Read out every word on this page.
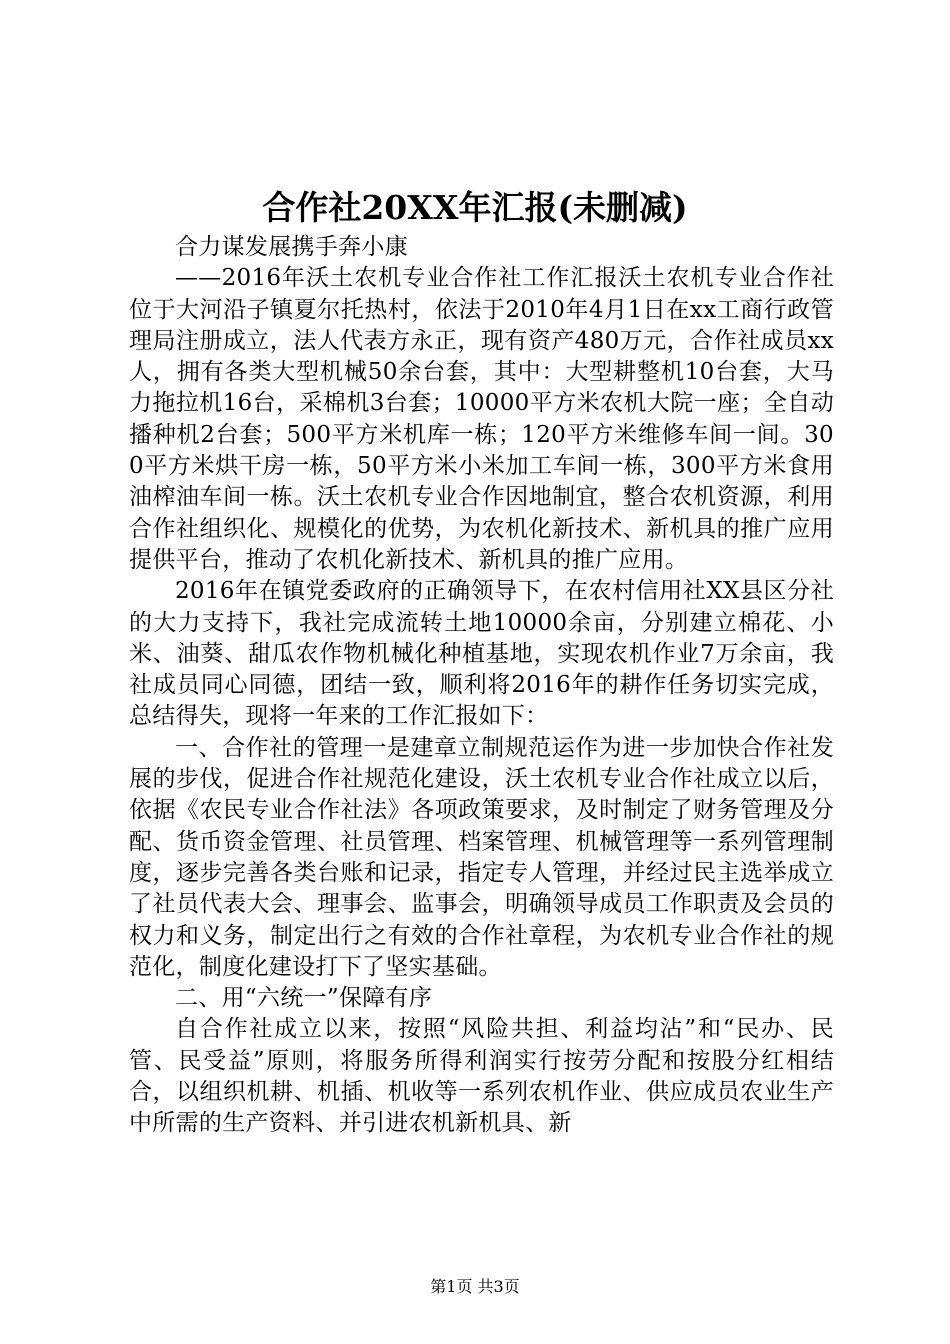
合作社20XX年汇报(未删减)

合力谋发展携手奔小康

——2016年沃土农机专业合作社工作汇报沃土农机专业合作社位于大河沿子镇夏尔托热村，依法于2010年4月1日在xx工商行政管理局注册成立，法人代表方永正，现有资产480万元，合作社成员xx人，拥有各类大型机械50余台套，其中：大型耕整机10台套，大马力拖拉机16台，采棉机3台套；10000平方米农机大院一座；全自动播种机2台套；500平方米机库一栋；120平方米维修车间一间。300平方米烘干房一栋，50平方米小米加工车间一栋，300平方米食用油榨油车间一栋。沃土农机专业合作因地制宜，整合农机资源，利用合作社组织化、规模化的优势，为农机化新技术、新机具的推广应用提供平台，推动了农机化新技术、新机具的推广应用。

2016年在镇党委政府的正确领导下，在农村信用社XX县区分社的大力支持下，我社完成流转土地10000余亩，分别建立棉花、小米、油葵、甜瓜农作物机械化种植基地，实现农机作业7万余亩，我社成员同心同德，团结一致，顺利将2016年的耕作任务切实完成，总结得失，现将一年来的工作汇报如下：

一、合作社的管理一是建章立制规范运作为进一步加快合作社发展的步伐，促进合作社规范化建设，沃土农机专业合作社成立以后，依据《农民专业合作社法》各项政策要求，及时制定了财务管理及分配、货币资金管理、社员管理、档案管理、机械管理等一系列管理制度，逐步完善各类台账和记录，指定专人管理，并经过民主选举成立了社员代表大会、理事会、监事会，明确领导成员工作职责及会员的权力和义务，制定出行之有效的合作社章程，为农机专业合作社的规范化，制度化建设打下了坚实基础。

二、用“六统一”保障有序

自合作社成立以来，按照“风险共担、利益均沾”和“民办、民管、民受益”原则，将服务所得利润实行按劳分配和按股分红相结合，以组织机耕、机插、机收等一系列农机作业、供应成员农业生产中所需的生产资料、并引进农机新机具、新

第1页 共3页
